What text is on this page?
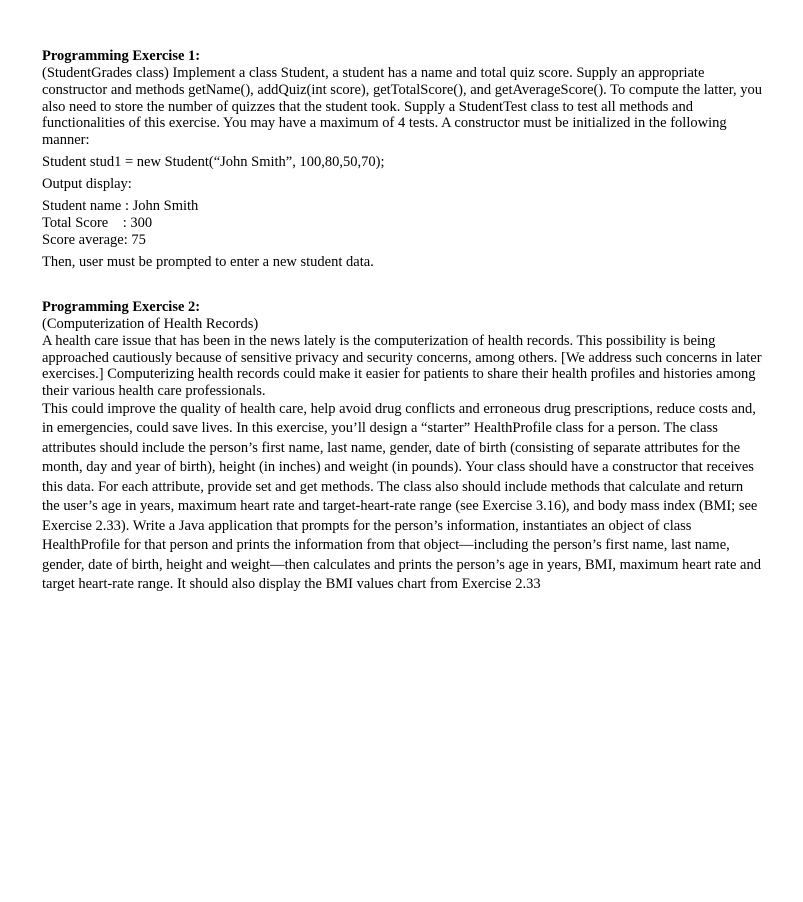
Programming Exercise 1:

(StudentGrades class) Implement a class Student, a student has a name and total quiz score. Supply an appropriate constructor and methods getName(), addQuiz(int score), getTotalScore(), and getAverageScore(). To compute the latter, you also need to store the number of quizzes that the student took. Supply a StudentTest class to test all methods and functionalities of this exercise. You may have a maximum of 4 tests. A constructor must be initialized in the following manner:

Student stud1 = new Student(“John Smith”, 100,80,50,70);

Output display:

Student name : John Smith

Total Score    : 300

Score average: 75

Then, user must be prompted to enter a new student data.

Programming Exercise 2:

(Computerization of Health Records)

A health care issue that has been in the news lately is the computerization of health records. This possibility is being approached cautiously because of sensitive privacy and security concerns, among others. [We address such concerns in later exercises.] Computerizing health records could make it easier for patients to share their health profiles and histories among their various health care professionals.

This could improve the quality of health care, help avoid drug conflicts and erroneous drug prescriptions, reduce costs and, in emergencies, could save lives. In this exercise, you’ll design a “starter” HealthProfile class for a person. The class attributes should include the person’s first name, last name, gender, date of birth (consisting of separate attributes for the month, day and year of birth), height (in inches) and weight (in pounds). Your class should have a constructor that receives this data. For each attribute, provide set and get methods. The class also should include methods that calculate and return the user’s age in years, maximum heart rate and target-heart-rate range (see Exercise 3.16), and body mass index (BMI; see Exercise 2.33). Write a Java application that prompts for the person’s information, instantiates an object of class HealthProfile for that person and prints the information from that object—including the person’s first name, last name, gender, date of birth, height and weight—then calculates and prints the person’s age in years, BMI, maximum heart rate and target heart-rate range. It should also display the BMI values chart from Exercise 2.33
